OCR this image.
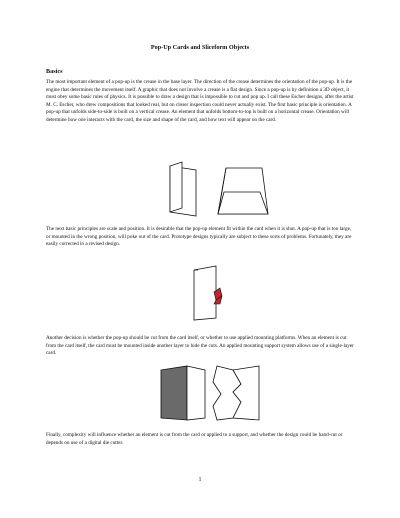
Pop-Up Cards and Sliceform Objects
Basics

The most important element of a pop-up is the crease in the base layer. The direction of the crease determines the orientation of the pop-up. It is the engine that determines the movement itself. A graphic that does not involve a crease is a flat design. Since a pop-up is by definition a 3D object, it must obey some basic rules of physics. It is possible to draw a design that is impossible to cut and pop up. I call these Escher designs, after the artist M. C. Escher, who drew compositions that looked real, but on closer inspection could never actually exist. The first basic principle is orientation. A pop-up that unfolds side-to-side is built on a vertical crease. An element that unfolds bottom-to-top is built on a horizontal crease. Orientation will determine how one interacts with the card, the size and shape of the card, and how text will appear on the card.

The next basic principles are scale and position. It is desirable that the pop-up element fit within the card when it is shut. A pop-up that is too large, or mounted in the wrong position, will poke out of the card. Prototype designs typically are subject to these sorts of problems. Fortunately, they are easily corrected in a revised design.

Another decision is whether the pop-up should be cut from the card itself, or whether to use applied mounting platforms. When an element is cut from the card itself, the card must be mounted inside another layer to hide the cuts. An applied mounting support system allows use of a single-layer card.

Finally, complexity will influence whether an element is cut from the card or applied to a support, and whether the design could be hand-cut or depends on use of a digital die cutter.

1
